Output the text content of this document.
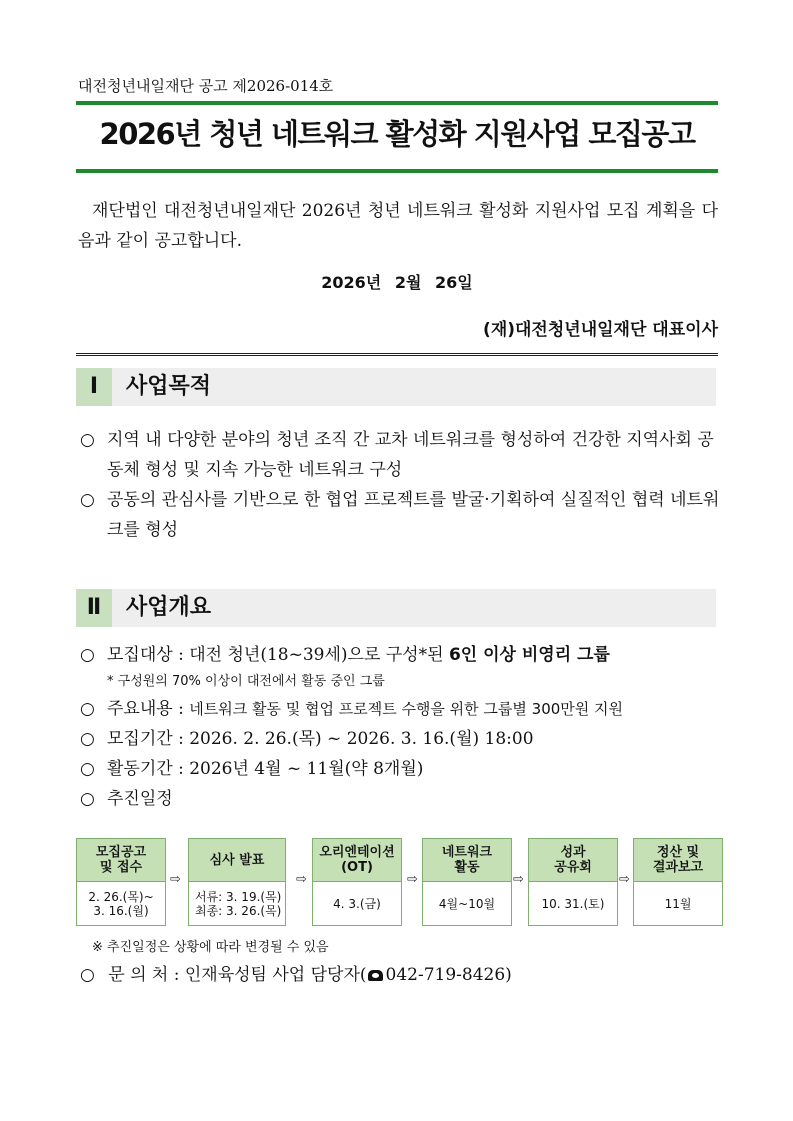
대전청년내일재단 공고 제2026-014호
2026년 청년 네트워크 활성화 지원사업 모집공고

재단법인 대전청년내일재단 2026년 청년 네트워크 활성화 지원사업 모집 계획을 다음과 같이 공고합니다.

2026년 2월 26일
(재)대전청년내일재단 대표이사
Ⅰ	사업목적
○ 지역 내 다양한 분야의 청년 조직 간 교차 네트워크를 형성하여 건강한 지역사회 공동체 형성 및 지속 가능한 네트워크 구성
○ 공동의 관심사를 기반으로 한 협업 프로젝트를 발굴·기획하여 실질적인 협력 네트워크를 형성
Ⅱ	사업개요
○ 모집대상 : 대전 청년(18~39세)으로 구성*된 6인 이상 비영리 그룹
* 구성원의 70% 이상이 대전에서 활동 중인 그룹
○ 주요내용 : 네트워크 활동 및 협업 프로젝트 수행을 위한 그룹별 300만원 지원
○ 모집기간 : 2026. 2. 26.(목) ~ 2026. 3. 16.(월) 18:00
○ 활동기간 : 2026년 4월 ~ 11월(약 8개월)
○ 추진일정
모집공고
및 접수
2. 26.(목)~
3. 16.(월)
⇨
심사 발표
서류: 3. 19.(목)
최종: 3. 26.(목)
⇨
오리엔테이션
(OT)
4. 3.(금)
⇨
네트워크
활동
4월~10월
⇨
성과
공유회
10. 31.(토)
⇨
정산 및
결과보고
11월
※ 추진일정은 상황에 따라 변경될 수 있음
○ 문 의 처 : 인재육성팀 사업 담당자( 042-719-8426)
